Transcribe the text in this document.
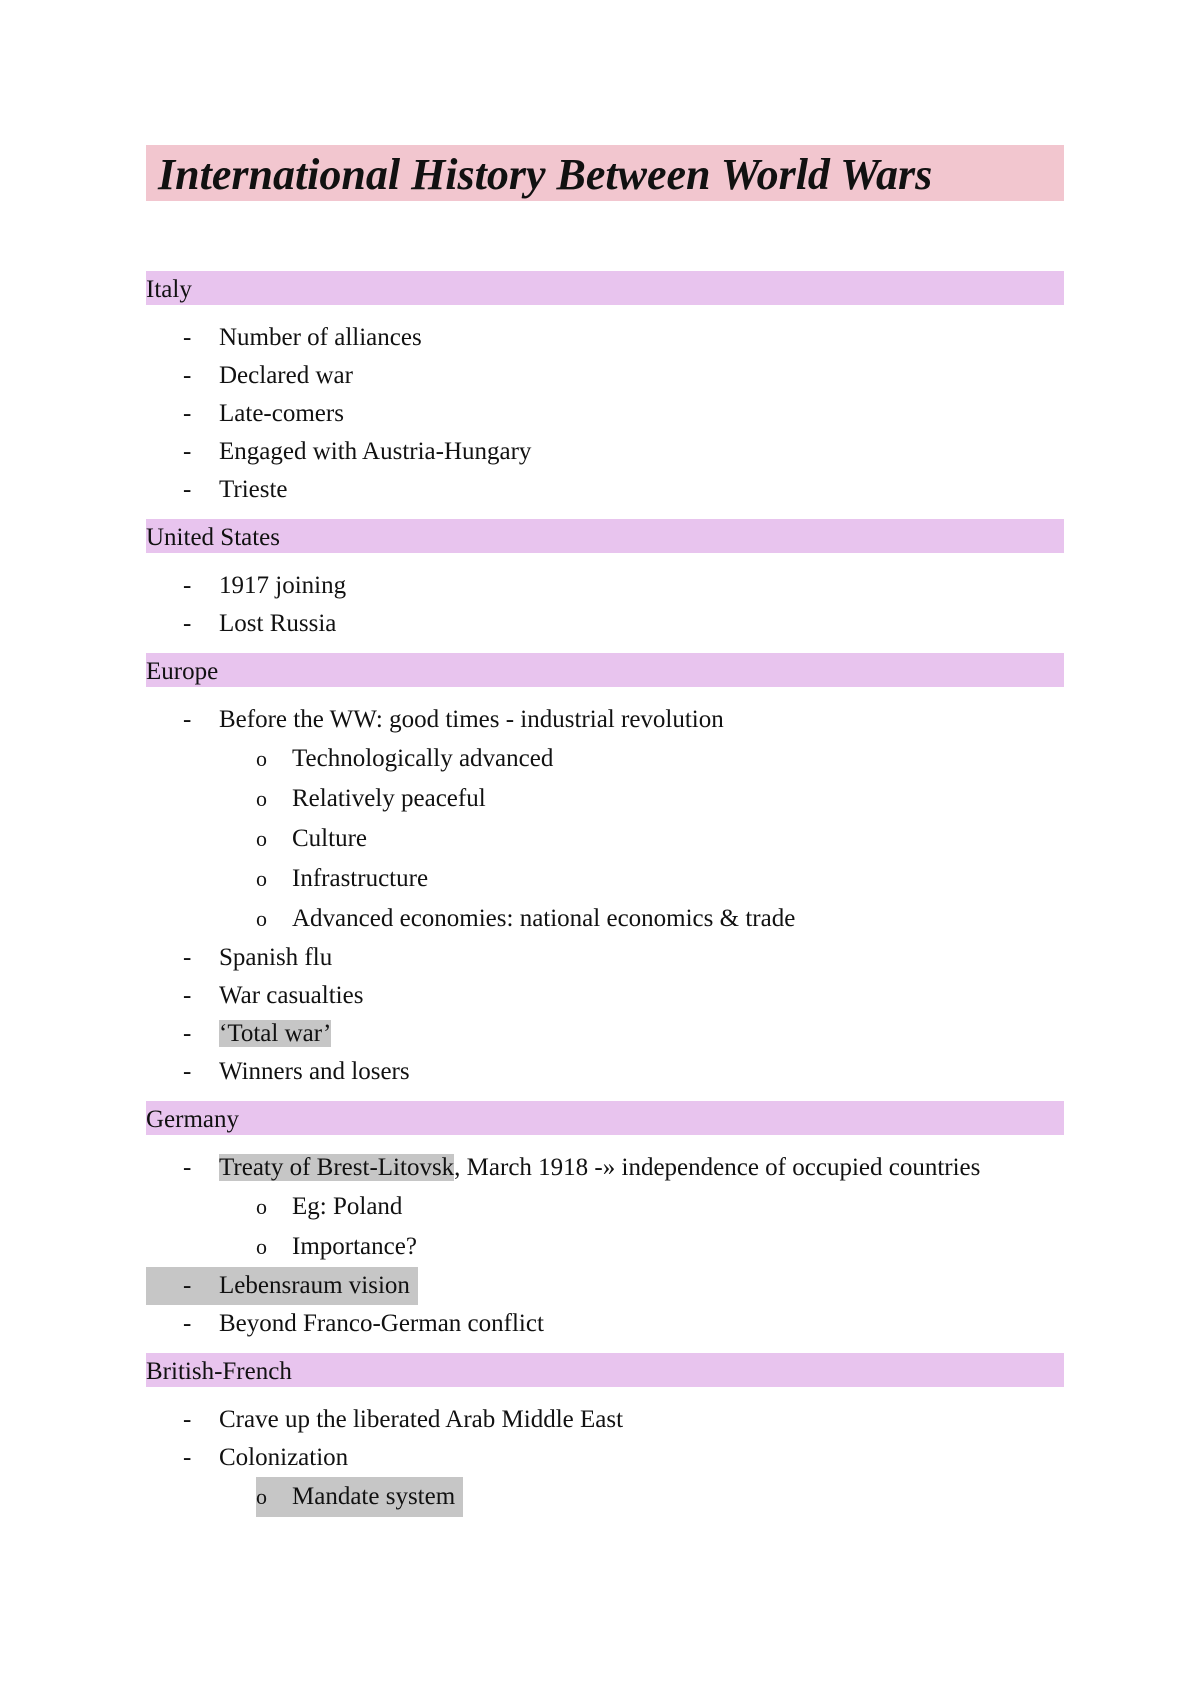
International History Between World Wars
Italy
- Number of alliances
- Declared war
- Late-comers
- Engaged with Austria-Hungary
- Trieste
United States
- 1917 joining
- Lost Russia
Europe
- Before the WW: good times - industrial revolution
o Technologically advanced
o Relatively peaceful
o Culture
o Infrastructure
o Advanced economies: national economics & trade
- Spanish flu
- War casualties
- ‘Total war’
- Winners and losers
Germany
- Treaty of Brest-Litovsk, March 1918 -» independence of occupied countries
o Eg: Poland
o Importance?
- Lebensraum vision
- Beyond Franco-German conflict
British-French
- Crave up the liberated Arab Middle East
- Colonization
o Mandate system
